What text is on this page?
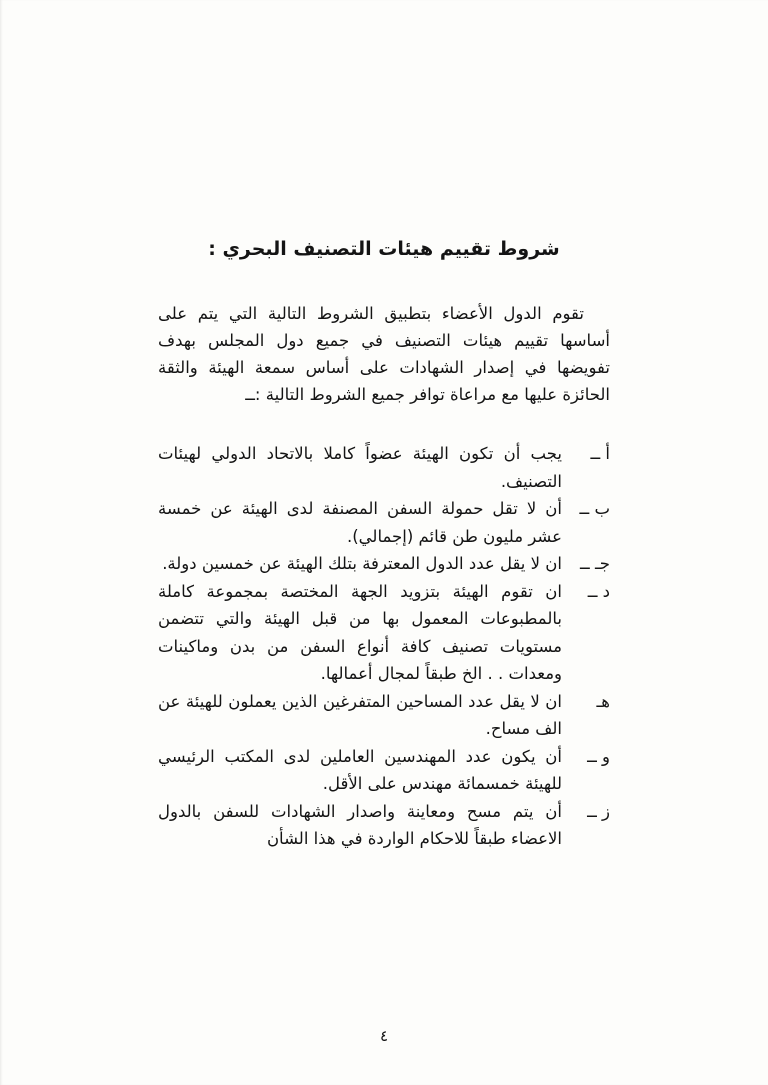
شروط تقييم هيئات التصنيف البحري :

تقوم الدول الأعضاء بتطبيق الشروط التالية التي يتم على أساسها تقييم هيئات التصنيف في جميع دول المجلس بهدف تفويضها في إصدار الشهادات على أساس سمعة الهيئة والثقة الحائزة عليها مع مراعاة توافر جميع الشروط التالية :ــ

أ ــ
يجب أن تكون الهيئة عضواً كاملا بالاتحاد الدولي لهيئات التصنيف.
ب ــ
أن لا تقل حمولة السفن المصنفة لدى الهيئة عن خمسة عشر مليون طن قائم (إجمالي).
جـ ــ
ان لا يقل عدد الدول المعترفة بتلك الهيئة عن خمسين دولة.
د ــ
ان تقوم الهيئة بتزويد الجهة المختصة بمجموعة كاملة بالمطبوعات المعمول بها من قبل الهيئة والتي تتضمن مستويات تصنيف كافة أنواع السفن من بدن وماكينات ومعدات . . الخ طبقاً لمجال أعمالها.
هـ
ان لا يقل عدد المساحين المتفرغين الذين يعملون للهيئة عن الف مساح.
و ــ
أن يكون عدد المهندسين العاملين لدى المكتب الرئيسي للهيئة خمسمائة مهندس على الأقل.
ز ــ
أن يتم مسح ومعاينة واصدار الشهادات للسفن بالدول الاعضاء طبقاً للاحكام الواردة في هذا الشأن
٤
